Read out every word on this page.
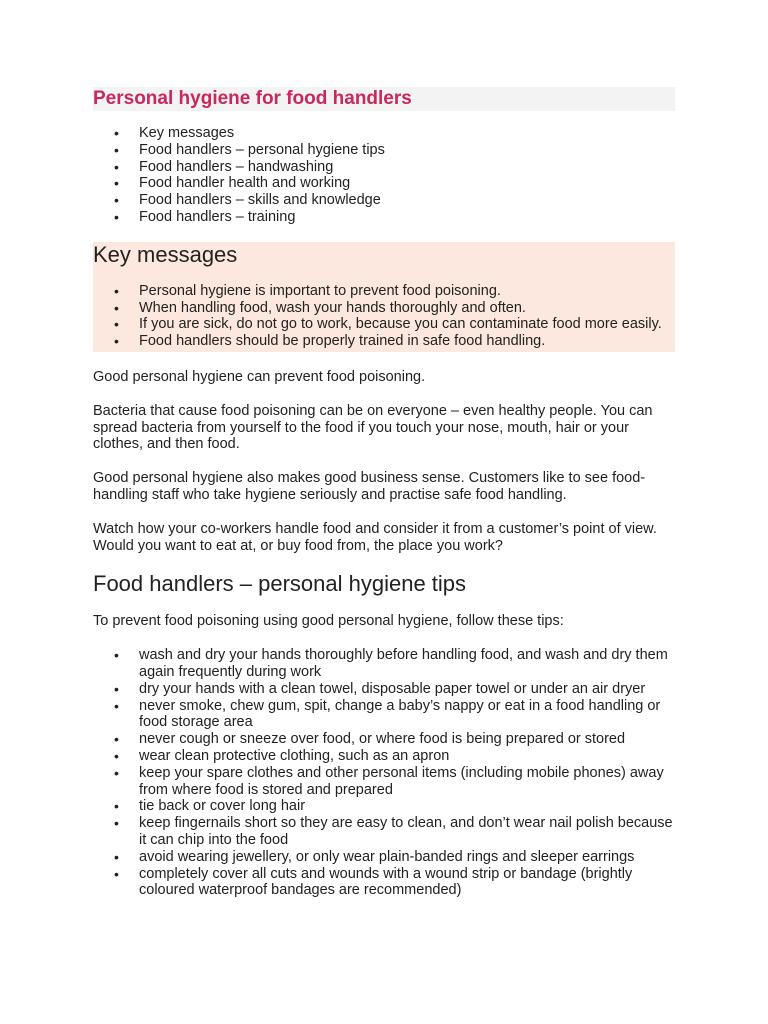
Personal hygiene for food handlers
• Key messages
• Food handlers – personal hygiene tips
• Food handlers – handwashing
• Food handler health and working
• Food handlers – skills and knowledge
• Food handlers – training
Key messages
• Personal hygiene is important to prevent food poisoning.
• When handling food, wash your hands thoroughly and often.
• If you are sick, do not go to work, because you can contaminate food more easily.
• Food handlers should be properly trained in safe food handling.

Good personal hygiene can prevent food poisoning.

Bacteria that cause food poisoning can be on everyone – even healthy people. You can spread bacteria from yourself to the food if you touch your nose, mouth, hair or your clothes, and then food.

Good personal hygiene also makes good business sense. Customers like to see food-handling staff who take hygiene seriously and practise safe food handling.

Watch how your co-workers handle food and consider it from a customer’s point of view. Would you want to eat at, or buy food from, the place you work?

Food handlers – personal hygiene tips

To prevent food poisoning using good personal hygiene, follow these tips:

• wash and dry your hands thoroughly before handling food, and wash and dry them again frequently during work
• dry your hands with a clean towel, disposable paper towel or under an air dryer
• never smoke, chew gum, spit, change a baby’s nappy or eat in a food handling or food storage area
• never cough or sneeze over food, or where food is being prepared or stored
• wear clean protective clothing, such as an apron
• keep your spare clothes and other personal items (including mobile phones) away from where food is stored and prepared
• tie back or cover long hair
• keep fingernails short so they are easy to clean, and don’t wear nail polish because it can chip into the food
• avoid wearing jewellery, or only wear plain-banded rings and sleeper earrings
• completely cover all cuts and wounds with a wound strip or bandage (brightly coloured waterproof bandages are recommended)
